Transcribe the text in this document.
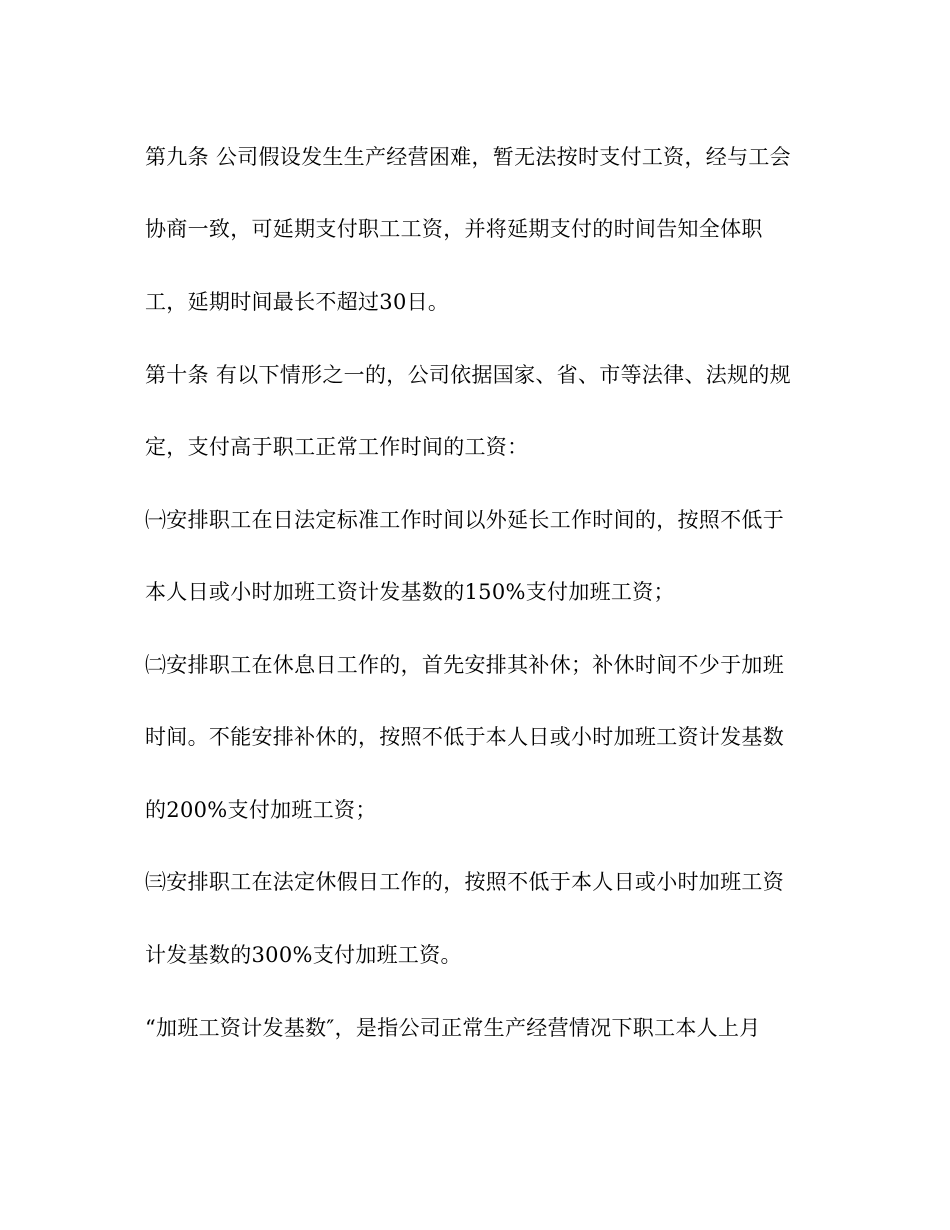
第九条 公司假设发生生产经营困难，暂无法按时支付工资，经与工会
协商一致，可延期支付职工工资，并将延期支付的时间告知全体职
工，延期时间最长不超过30日。
第十条 有以下情形之一的，公司依据国家、省、市等法律、法规的规
定，支付高于职工正常工作时间的工资：
㈠安排职工在日法定标准工作时间以外延长工作时间的，按照不低于
本人日或小时加班工资计发基数的150%支付加班工资；
㈡安排职工在休息日工作的，首先安排其补休；补休时间不少于加班
时间。不能安排补休的，按照不低于本人日或小时加班工资计发基数
的200%支付加班工资；
㈢安排职工在法定休假日工作的，按照不低于本人日或小时加班工资
计发基数的300%支付加班工资。
“加班工资计发基数″，是指公司正常生产经营情况下职工本人上月
